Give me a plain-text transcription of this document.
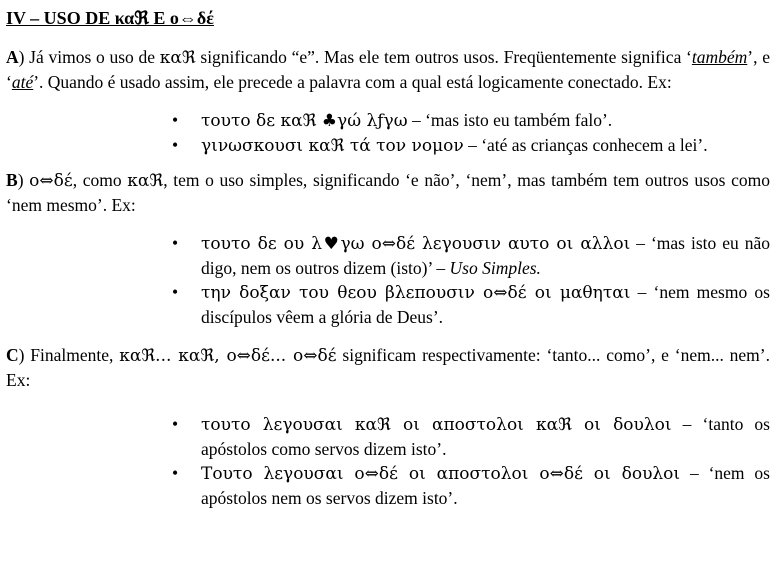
IV – USO DE καℜ E ο⇔δέ

A) Já vimos o uso de καℜ significando “e”. Mas ele tem outros usos. Freqüentemente significa ‘também’, e ‘até’. Quando é usado assim, ele precede a palavra com a qual está logicamente conectado. Ex:

• τουτο δε καℜ ♣γώ λƒγω – ‘mas isto eu também falo’.
• γινωσκουσι καℜ τά τον νομον – ‘até as crianças conhecem a lei’.

B) ο⇔δέ, como καℜ, tem o uso simples, significando ‘e não’, ‘nem’, mas também tem outros usos como ‘nem mesmo’. Ex:

• τουτο δε ου λ♥γω ο⇔δέ λεγουσιν αυτο οι αλλοι – ‘mas isto eu não digo, nem os outros dizem (isto)’ – Uso Simples.
• την δοξαν του θεου βλεπουσιν ο⇔δέ οι μαθηται – ‘nem mesmo os discípulos vêem a glória de Deus’.

C) Finalmente, καℜ... καℜ, ο⇔δέ... ο⇔δέ significam respectivamente: ‘tanto... como’, e ‘nem... nem’. Ex:

• τουτο λεγουσαι καℜ οι αποστολοι καℜ οι δουλοι – ‘tanto os apóstolos como servos dizem isto’.
• Τουτο λεγουσαι ο⇔δέ οι αποστολοι ο⇔δέ οι δουλοι – ‘nem os apóstolos nem os servos dizem isto’.
